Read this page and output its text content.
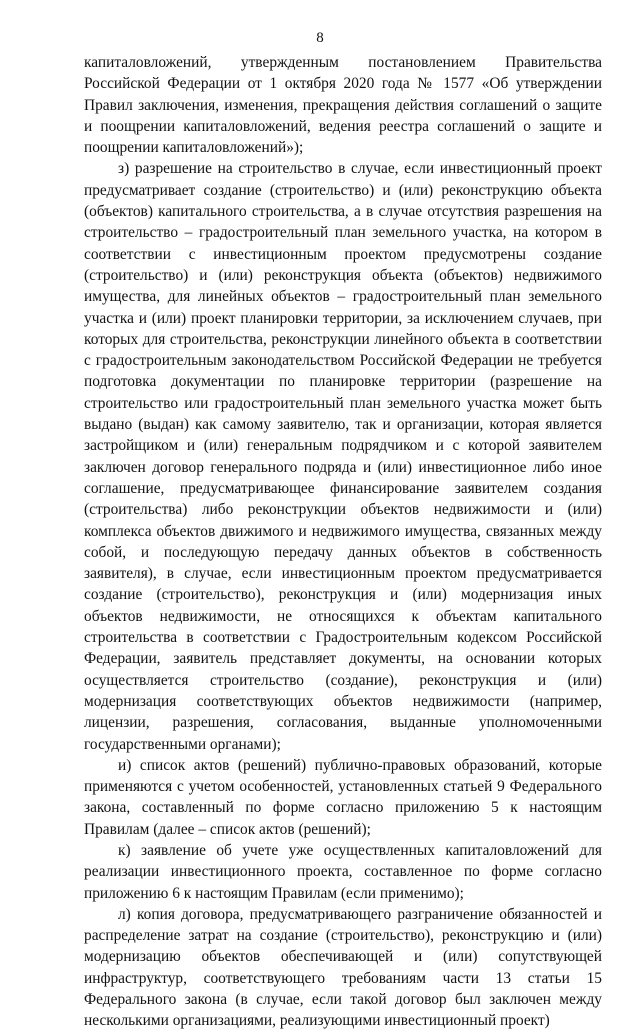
8

капиталовложений, утвержденным постановлением Правительства Российской Федерации от 1 октября 2020 года № 1577 «Об утверждении Правил заключения, изменения, прекращения действия соглашений о защите и поощрении капиталовложений, ведения реестра соглашений о защите и поощрении капиталовложений»);

з) разрешение на строительство в случае, если инвестиционный проект предусматривает создание (строительство) и (или) реконструкцию объекта (объектов) капитального строительства, а в случае отсутствия разрешения на строительство – градостроительный план земельного участка, на котором в соответствии с инвестиционным проектом предусмотрены создание (строительство) и (или) реконструкция объекта (объектов) недвижимого имущества, для линейных объектов – градостроительный план земельного участка и (или) проект планировки территории, за исключением случаев, при которых для строительства, реконструкции линейного объекта в соответствии с градостроительным законодательством Российской Федерации не требуется подготовка документации по планировке территории (разрешение на строительство или градостроительный план земельного участка может быть выдано (выдан) как самому заявителю, так и организации, которая является застройщиком и (или) генеральным подрядчиком и с которой заявителем заключен договор генерального подряда и (или) инвестиционное либо иное соглашение, предусматривающее финансирование заявителем создания (строительства) либо реконструкции объектов недвижимости и (или) комплекса объектов движимого и недвижимого имущества, связанных между собой, и последующую передачу данных объектов в собственность заявителя), в случае, если инвестиционным проектом предусматривается создание (строительство), реконструкция и (или) модернизация иных объектов недвижимости, не относящихся к объектам капитального строительства в соответствии с Градостроительным кодексом Российской Федерации, заявитель представляет документы, на основании которых осуществляется строительство (создание), реконструкция и (или) модернизация соответствующих объектов недвижимости (например, лицензии, разрешения, согласования, выданные уполномоченными государственными органами);

и) список актов (решений) публично-правовых образований, которые применяются с учетом особенностей, установленных статьей 9 Федерального закона, составленный по форме согласно приложению 5 к настоящим Правилам (далее – список актов (решений);

к) заявление об учете уже осуществленных капиталовложений для реализации инвестиционного проекта, составленное по форме согласно приложению 6 к настоящим Правилам (если применимо);

л) копия договора, предусматривающего разграничение обязанностей и распределение затрат на создание (строительство), реконструкцию и (или) модернизацию объектов обеспечивающей и (или) сопутствующей инфраструктур, соответствующего требованиям части 13 статьи 15 Федерального закона (в случае, если такой договор был заключен между несколькими организациями, реализующими инвестиционный проект)
